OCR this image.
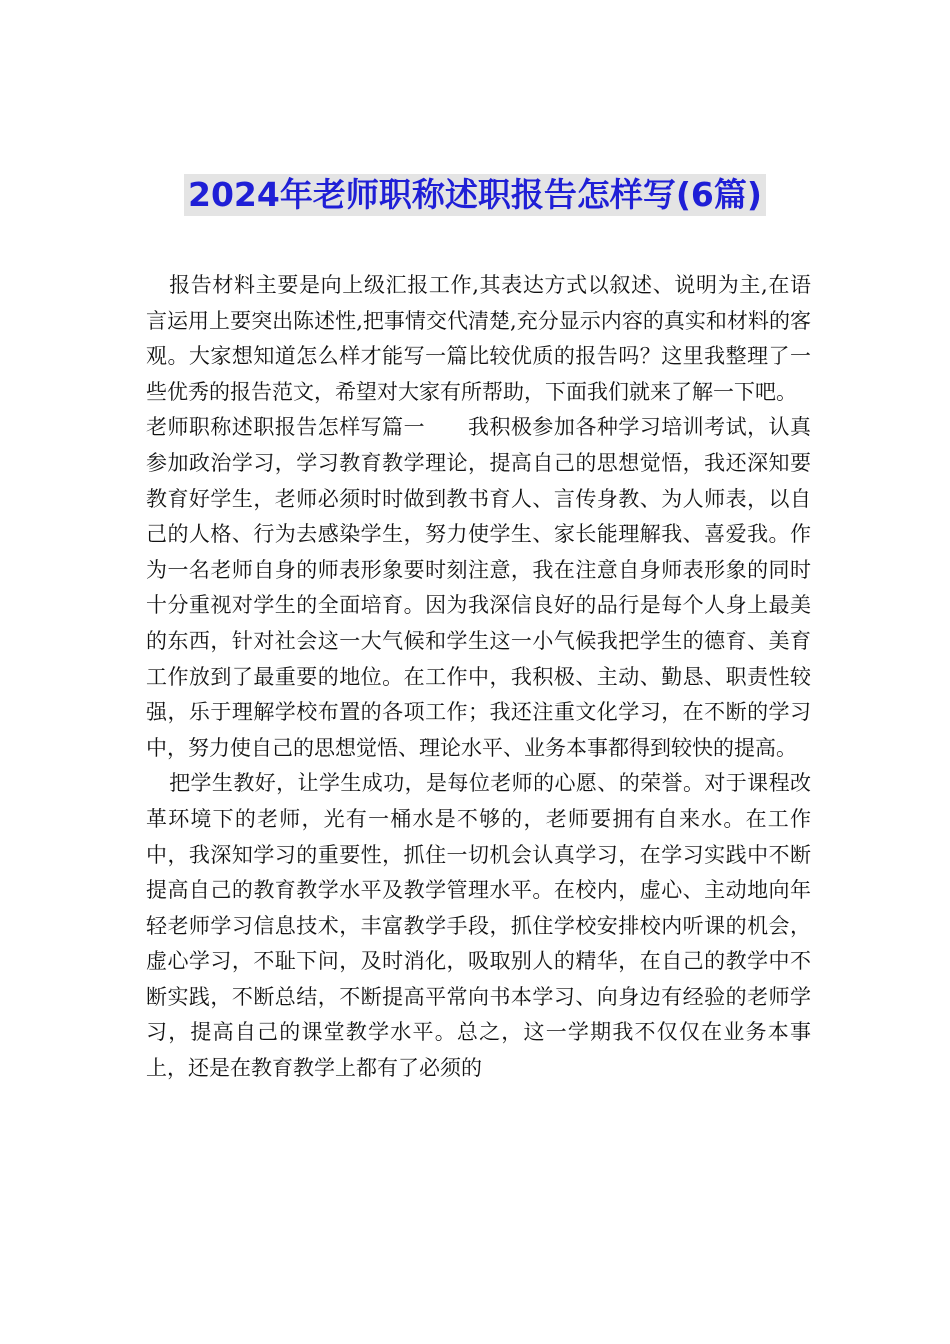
2024年老师职称述职报告怎样写(6篇)

报告材料主要是向上级汇报工作,其表达方式以叙述、说明为主,在语言运用上要突出陈述性,把事情交代清楚,充分显示内容的真实和材料的客观。大家想知道怎么样才能写一篇比较优质的报告吗？这里我整理了一些优秀的报告范文，希望对大家有所帮助，下面我们就来了解一下吧。

老师职称述职报告怎样写篇一　　 我积极参加各种学习培训考试，认真参加政治学习，学习教育教学理论，提高自己的思想觉悟，我还深知要教育好学生，老师必须时时做到教书育人、言传身教、为人师表，以自己的人格、行为去感染学生，努力使学生、家长能理解我、喜爱我。作为一名老师自身的师表形象要时刻注意，我在注意自身师表形象的同时十分重视对学生的全面培育。因为我深信良好的品行是每个人身上最美的东西，针对社会这一大气候和学生这一小气候我把学生的德育、美育工作放到了最重要的地位。在工作中，我积极、主动、勤恳、职责性较强，乐于理解学校布置的各项工作；我还注重文化学习，在不断的学习中，努力使自己的思想觉悟、理论水平、业务本事都得到较快的提高。

把学生教好，让学生成功，是每位老师的心愿、的荣誉。对于课程改革环境下的老师，光有一桶水是不够的，老师要拥有自来水。在工作中，我深知学习的重要性，抓住一切机会认真学习，在学习实践中不断提高自己的教育教学水平及教学管理水平。在校内，虚心、主动地向年轻老师学习信息技术，丰富教学手段，抓住学校安排校内听课的机会，虚心学习，不耻下问，及时消化，吸取别人的精华，在自己的教学中不断实践，不断总结，不断提高平常向书本学习、向身边有经验的老师学习，提高自己的课堂教学水平。总之，这一学期我不仅仅在业务本事上，还是在教育教学上都有了必须的
